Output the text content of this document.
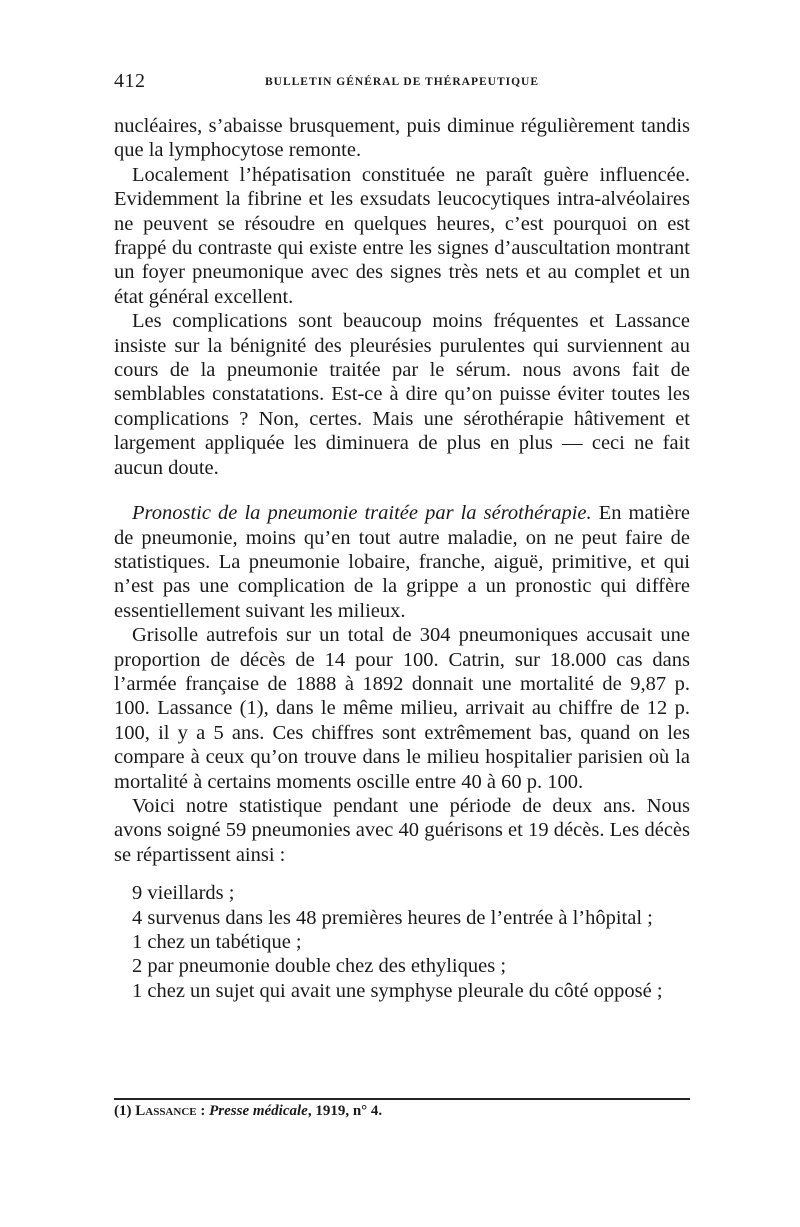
412	BULLETIN GÉNÉRAL DE THÉRAPEUTIQUE

nucléaires, s’abaisse brusquement, puis diminue régulièrement tandis que la lymphocytose remonte.

Localement l’hépatisation constituée ne paraît guère influencée. Evidemment la fibrine et les exsudats leucocytiques intra-alvéolaires ne peuvent se résoudre en quelques heures, c’est pourquoi on est frappé du contraste qui existe entre les signes d’auscultation montrant un foyer pneumonique avec des signes très nets et au complet et un état général excellent.

Les complications sont beaucoup moins fréquentes et Lassance insiste sur la bénignité des pleurésies purulentes qui surviennent au cours de la pneumonie traitée par le sérum. nous avons fait de semblables constatations. Est-ce à dire qu’on puisse éviter toutes les complications ? Non, certes. Mais une sérothérapie hâtivement et largement appliquée les diminuera de plus en plus — ceci ne fait aucun doute.

Pronostic de la pneumonie traitée par la sérothérapie. En matière de pneumonie, moins qu’en tout autre maladie, on ne peut faire de statistiques. La pneumonie lobaire, franche, aiguë, primitive, et qui n’est pas une complication de la grippe a un pronostic qui diffère essentiellement suivant les milieux.

Grisolle autrefois sur un total de 304 pneumoniques accusait une proportion de décès de 14 pour 100. Catrin, sur 18.000 cas dans l’armée française de 1888 à 1892 donnait une mortalité de 9,87 p. 100. Lassance (1), dans le même milieu, arrivait au chiffre de 12 p. 100, il y a 5 ans. Ces chiffres sont extrêmement bas, quand on les compare à ceux qu’on trouve dans le milieu hospitalier parisien où la mortalité à certains moments oscille entre 40 à 60 p. 100.

Voici notre statistique pendant une période de deux ans. Nous avons soigné 59 pneumonies avec 40 guérisons et 19 décès. Les décès se répartissent ainsi :

9 vieillards ;

4 survenus dans les 48 premières heures de l’entrée à l’hôpital ;

1 chez un tabétique ;

2 par pneumonie double chez des ethyliques ;

1 chez un sujet qui avait une symphyse pleurale du côté opposé ;

(1) Lassance : Presse médicale, 1919, n° 4.
